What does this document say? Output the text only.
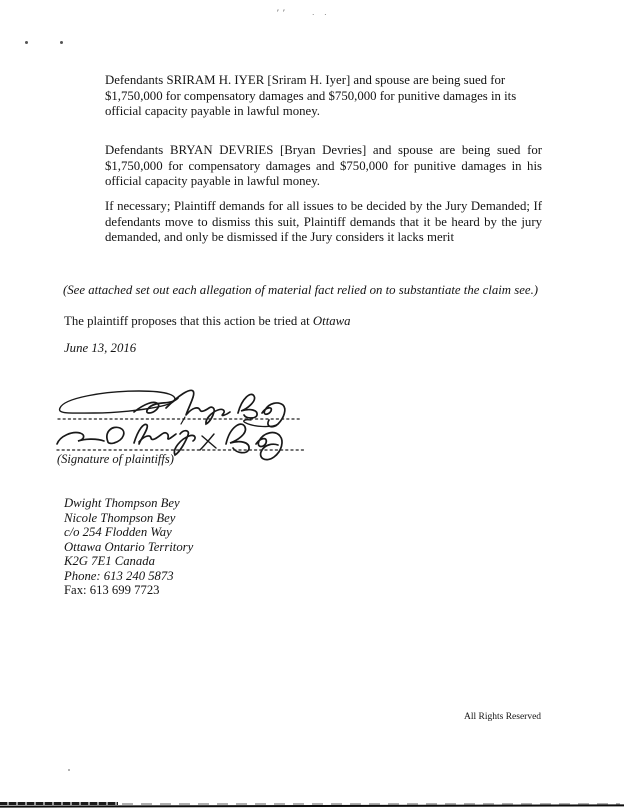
′′	· ·

Defendants SRIRAM H. IYER [Sriram H. Iyer] and spouse are being sued for $1,750,000 for compensatory damages and $750,000 for punitive damages in its official capacity payable in lawful money.

Defendants BRYAN DEVRIES [Bryan Devries] and spouse are being sued for $1,750,000 for compensatory damages and $750,000 for punitive damages in his official capacity payable in lawful money.

If necessary; Plaintiff demands for all issues to be decided by the Jury Demanded; If defendants move to dismiss this suit, Plaintiff demands that it be heard by the jury demanded, and only be dismissed if the Jury considers it lacks merit

(See attached set out each allegation of material fact relied on to substantiate the claim see.)

The plaintiff proposes that this action be tried at Ottawa

June 13, 2016

(Signature of plaintiffs)

Dwight Thompson Bey
Nicole Thompson Bey
c/o 254 Flodden Way
Ottawa Ontario Territory
K2G 7E1 Canada
Phone: 613 240 5873
Fax: 613 699 7723

All Rights Reserved
